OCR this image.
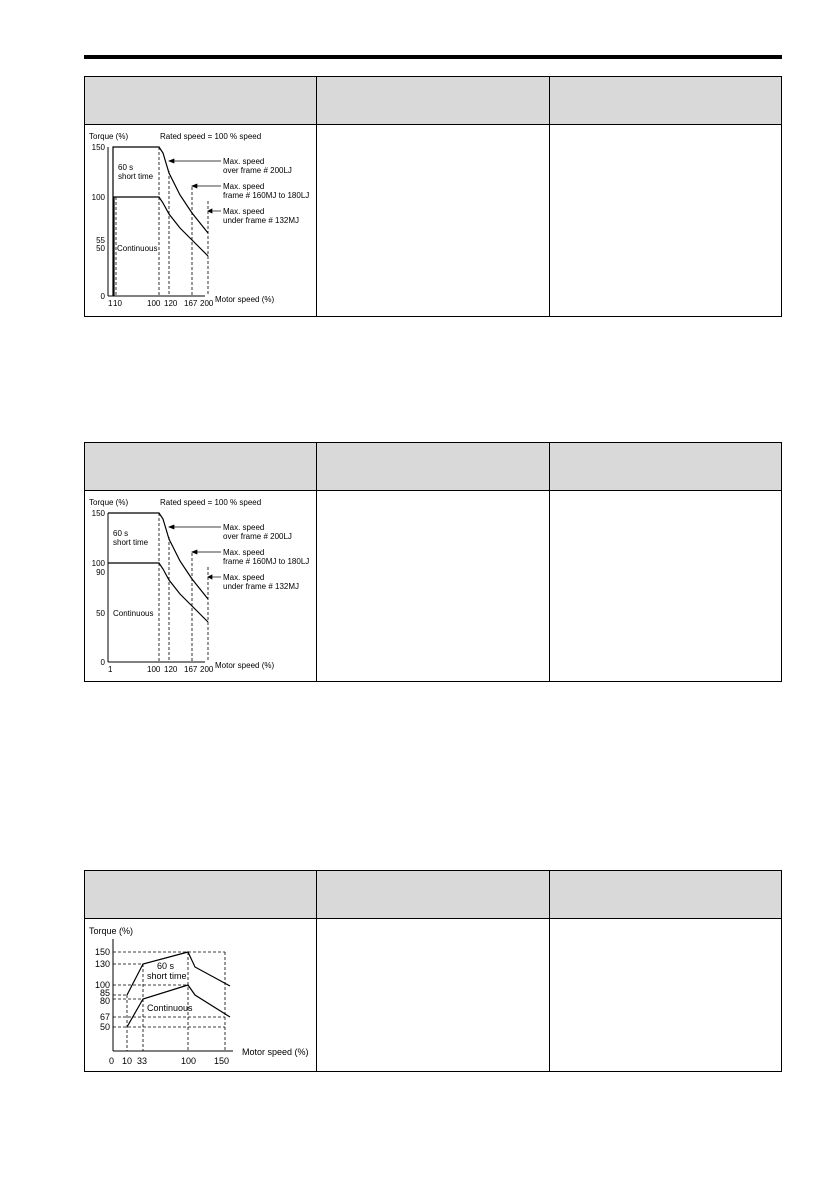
Torque (%)
150
100
55
50
0
1 10	100 120 167 200 Motor speed (%)
Rated speed = 100 % speed
60 s
short time
Continuous
Max. speed
over frame # 200LJ
Max. speed
frame # 160MJ to 180LJ
Max. speed
under frame # 132MJ
Torque (%)
150
100
90
50
0
1	100 120 167 200 Motor speed (%)
Rated speed = 100 % speed
60 s
short time
Continuous
Max. speed
over frame # 200LJ
Max. speed
frame # 160MJ to 180LJ
Max. speed
under frame # 132MJ
Torque (%)
150
130
100
85
80
67
50
0 10 33	100 150
Motor speed (%)
60 s
short time
Continuous
